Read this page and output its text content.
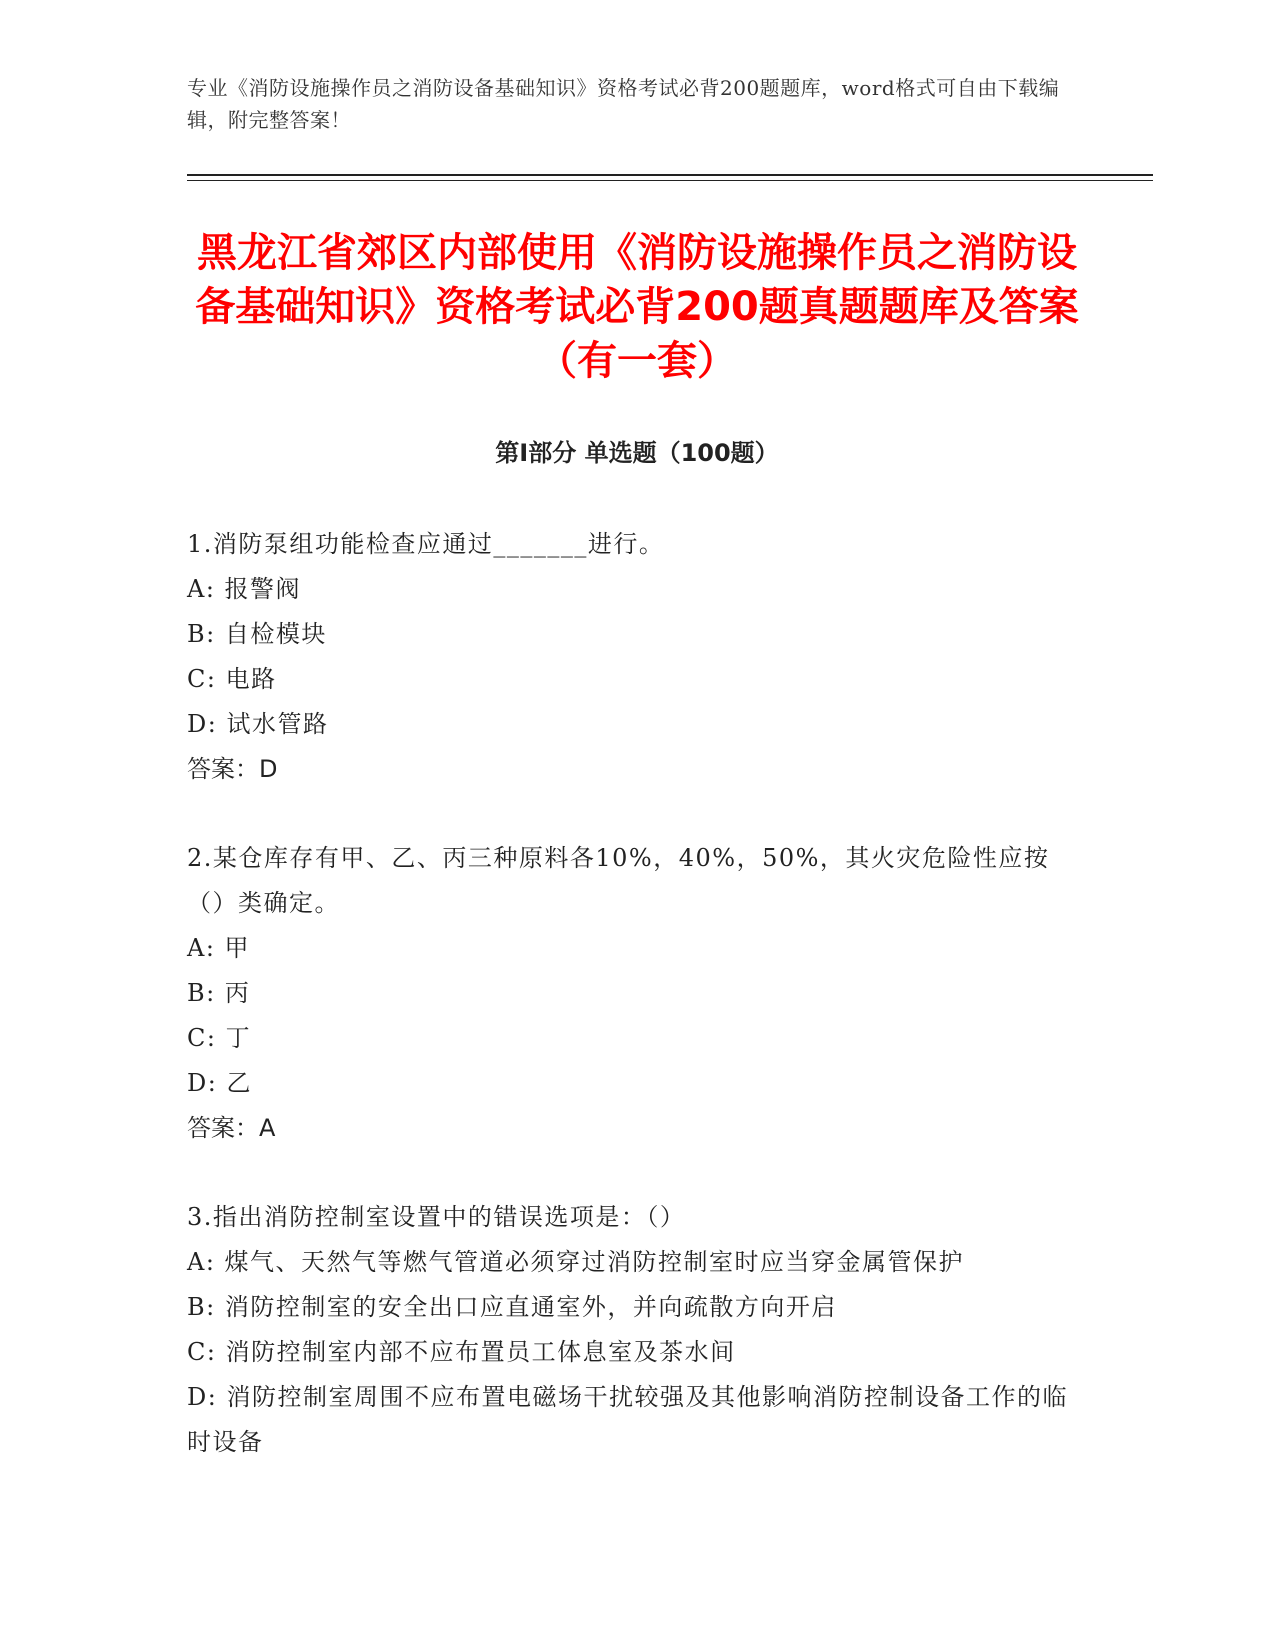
专业《消防设施操作员之消防设备基础知识》资格考试必背200题题库，word格式可自由下载编辑，附完整答案！
黑龙江省郊区内部使用《消防设施操作员之消防设备基础知识》资格考试必背200题真题题库及答案（有一套）
第Ⅰ部分 单选题（100题）
1.消防泵组功能检查应通过_______进行。
A: 报警阀
B: 自检模块
C: 电路
D: 试水管路
答案：D
2.某仓库存有甲、乙、丙三种原料各10%，40%，50%，其火灾危险性应按（）类确定。
A: 甲
B: 丙
C: 丁
D: 乙
答案：A
3.指出消防控制室设置中的错误选项是：（）
A: 煤气、天然气等燃气管道必须穿过消防控制室时应当穿金属管保护
B: 消防控制室的安全出口应直通室外，并向疏散方向开启
C: 消防控制室内部不应布置员工体息室及茶水间
D: 消防控制室周围不应布置电磁场干扰较强及其他影响消防控制设备工作的临时设备
